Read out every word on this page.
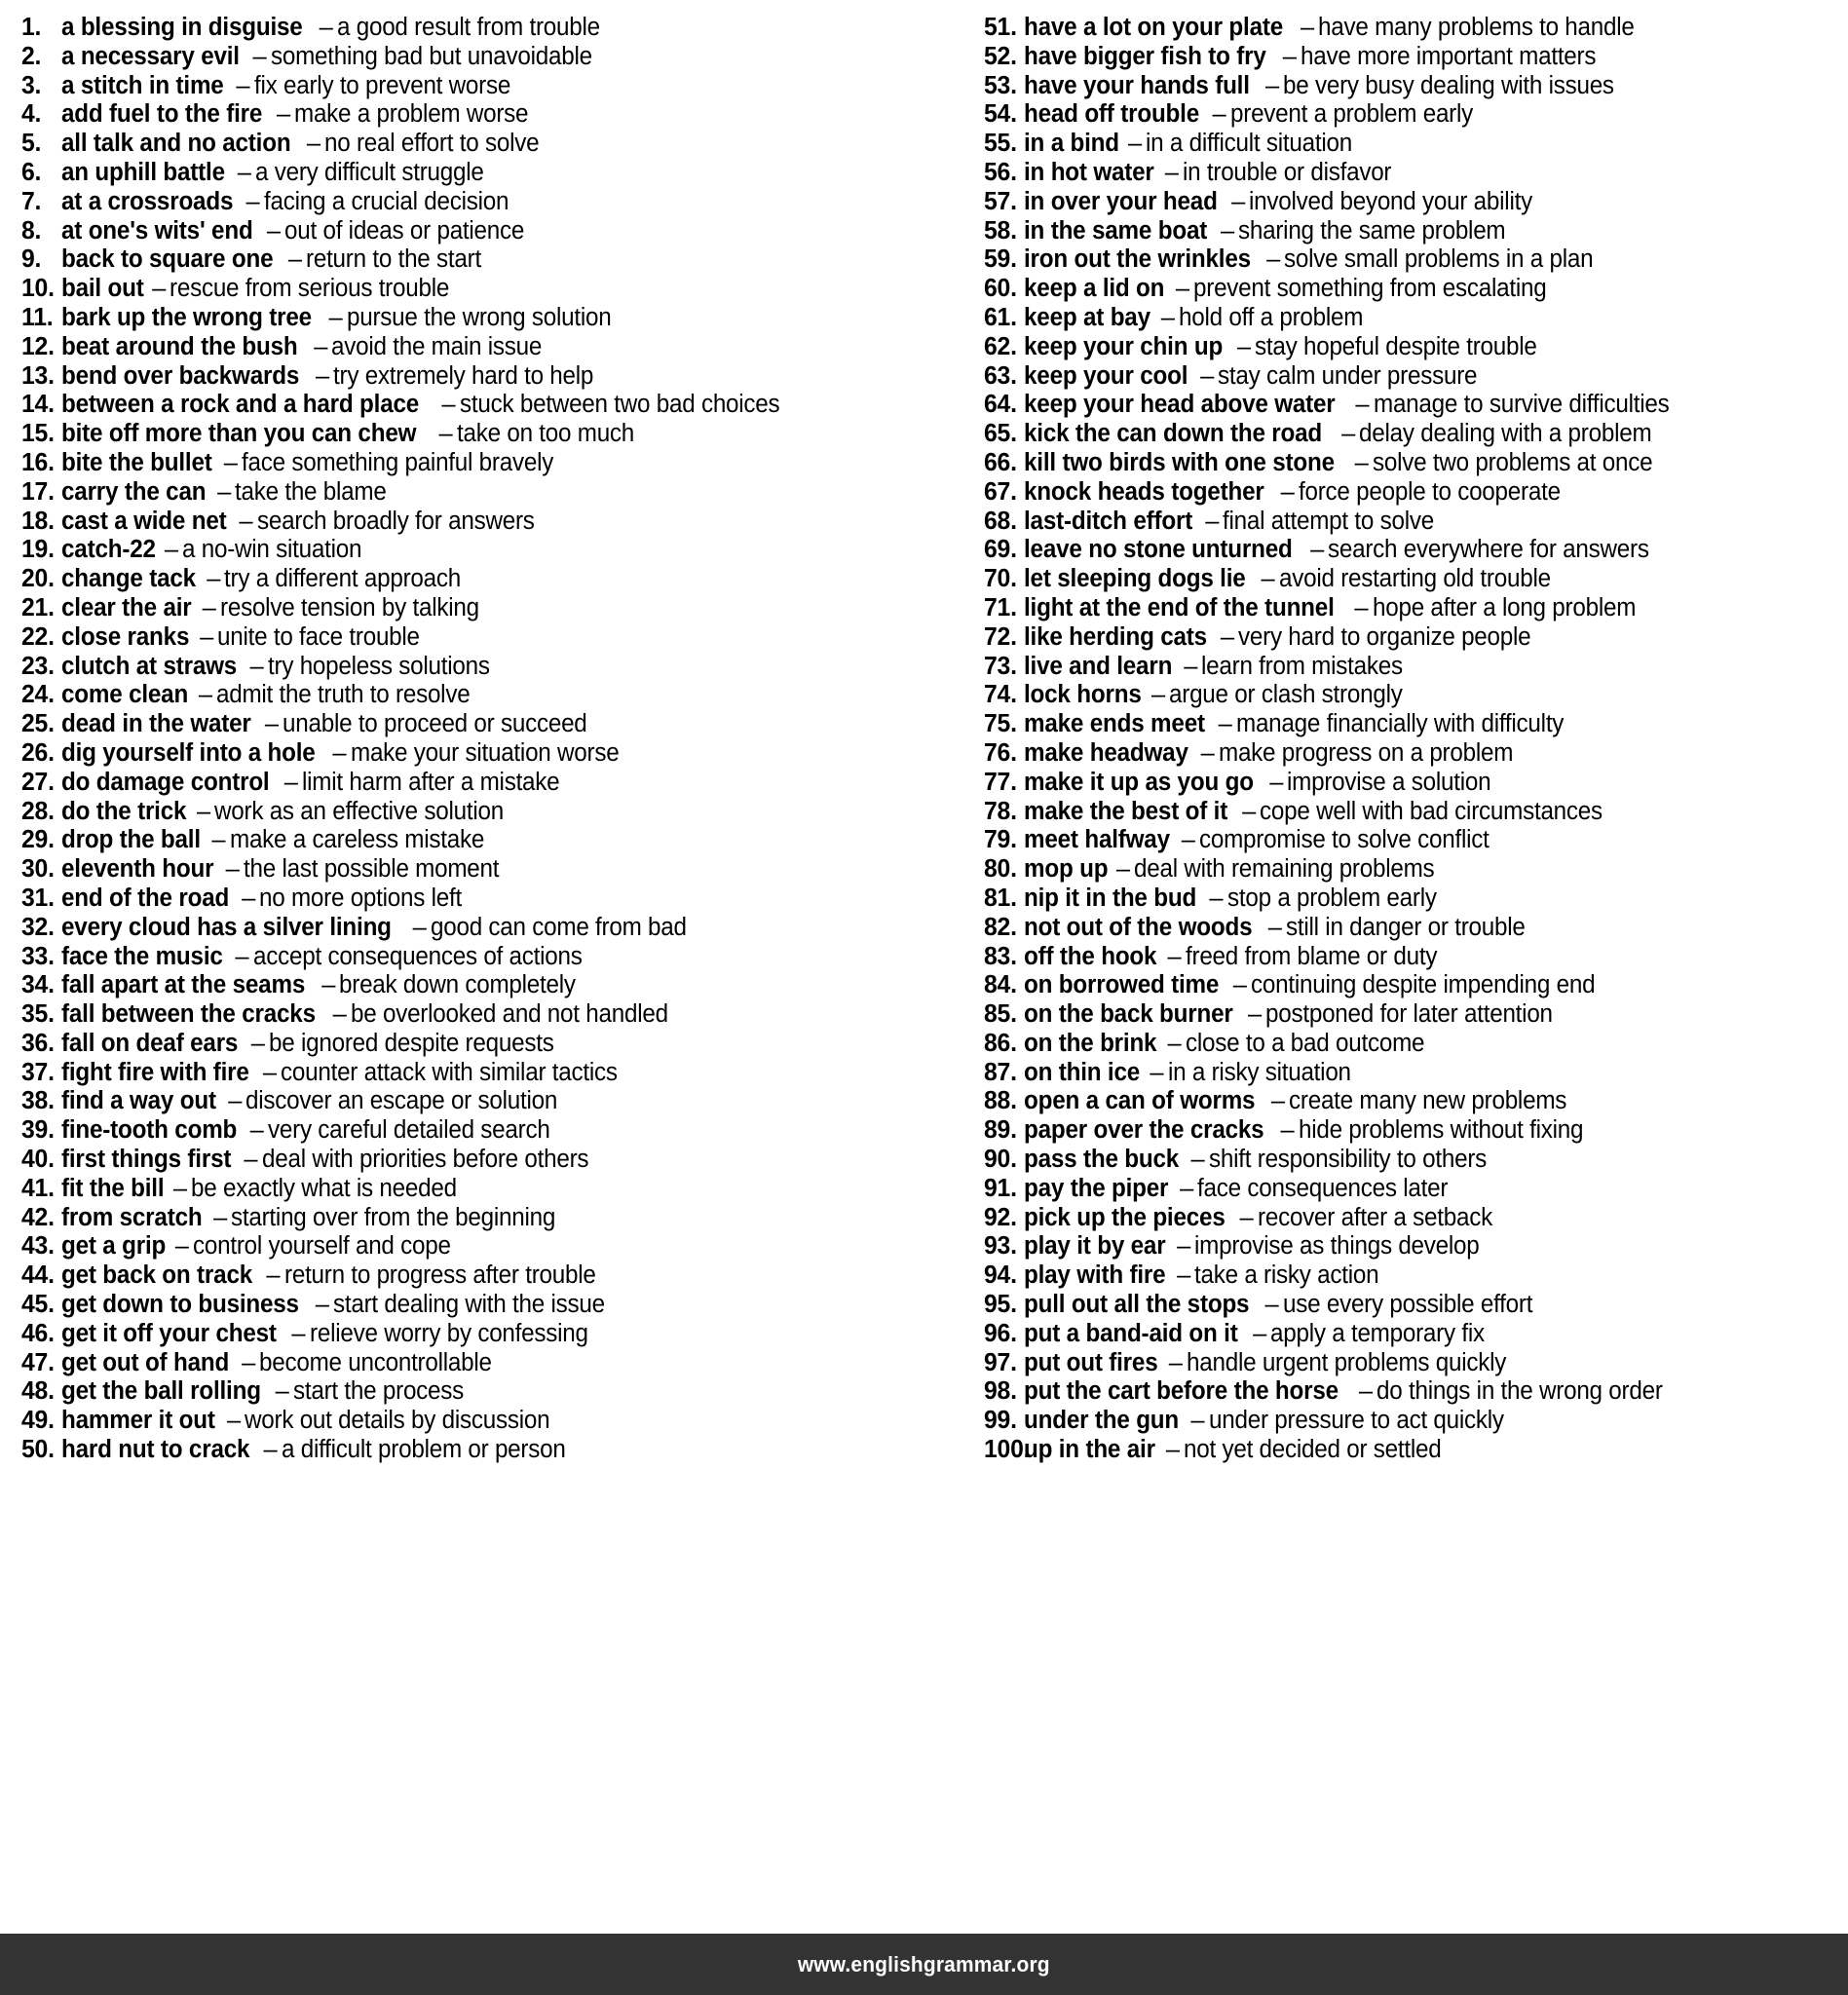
1. a blessing in disguise – a good result from trouble
2. a necessary evil – something bad but unavoidable
3. a stitch in time – fix early to prevent worse
4. add fuel to the fire – make a problem worse
5. all talk and no action – no real effort to solve
6. an uphill battle – a very difficult struggle
7. at a crossroads – facing a crucial decision
8. at one's wits' end – out of ideas or patience
9. back to square one – return to the start
10. bail out – rescue from serious trouble
11. bark up the wrong tree – pursue the wrong solution
12. beat around the bush – avoid the main issue
13. bend over backwards – try extremely hard to help
14. between a rock and a hard place – stuck between two bad choices
15. bite off more than you can chew – take on too much
16. bite the bullet – face something painful bravely
17. carry the can – take the blame
18. cast a wide net – search broadly for answers
19. catch-22 – a no-win situation
20. change tack – try a different approach
21. clear the air – resolve tension by talking
22. close ranks – unite to face trouble
23. clutch at straws – try hopeless solutions
24. come clean – admit the truth to resolve
25. dead in the water – unable to proceed or succeed
26. dig yourself into a hole – make your situation worse
27. do damage control – limit harm after a mistake
28. do the trick – work as an effective solution
29. drop the ball – make a careless mistake
30. eleventh hour – the last possible moment
31. end of the road – no more options left
32. every cloud has a silver lining – good can come from bad
33. face the music – accept consequences of actions
34. fall apart at the seams – break down completely
35. fall between the cracks – be overlooked and not handled
36. fall on deaf ears – be ignored despite requests
37. fight fire with fire – counter attack with similar tactics
38. find a way out – discover an escape or solution
39. fine-tooth comb – very careful detailed search
40. first things first – deal with priorities before others
41. fit the bill – be exactly what is needed
42. from scratch – starting over from the beginning
43. get a grip – control yourself and cope
44. get back on track – return to progress after trouble
45. get down to business – start dealing with the issue
46. get it off your chest – relieve worry by confessing
47. get out of hand – become uncontrollable
48. get the ball rolling – start the process
49. hammer it out – work out details by discussion
50. hard nut to crack – a difficult problem or person
51. have a lot on your plate – have many problems to handle
52. have bigger fish to fry – have more important matters
53. have your hands full – be very busy dealing with issues
54. head off trouble – prevent a problem early
55. in a bind – in a difficult situation
56. in hot water – in trouble or disfavor
57. in over your head – involved beyond your ability
58. in the same boat – sharing the same problem
59. iron out the wrinkles – solve small problems in a plan
60. keep a lid on – prevent something from escalating
61. keep at bay – hold off a problem
62. keep your chin up – stay hopeful despite trouble
63. keep your cool – stay calm under pressure
64. keep your head above water – manage to survive difficulties
65. kick the can down the road – delay dealing with a problem
66. kill two birds with one stone – solve two problems at once
67. knock heads together – force people to cooperate
68. last-ditch effort – final attempt to solve
69. leave no stone unturned – search everywhere for answers
70. let sleeping dogs lie – avoid restarting old trouble
71. light at the end of the tunnel – hope after a long problem
72. like herding cats – very hard to organize people
73. live and learn – learn from mistakes
74. lock horns – argue or clash strongly
75. make ends meet – manage financially with difficulty
76. make headway – make progress on a problem
77. make it up as you go – improvise a solution
78. make the best of it – cope well with bad circumstances
79. meet halfway – compromise to solve conflict
80. mop up – deal with remaining problems
81. nip it in the bud – stop a problem early
82. not out of the woods – still in danger or trouble
83. off the hook – freed from blame or duty
84. on borrowed time – continuing despite impending end
85. on the back burner – postponed for later attention
86. on the brink – close to a bad outcome
87. on thin ice – in a risky situation
88. open a can of worms – create many new problems
89. paper over the cracks – hide problems without fixing
90. pass the buck – shift responsibility to others
91. pay the piper – face consequences later
92. pick up the pieces – recover after a setback
93. play it by ear – improvise as things develop
94. play with fire – take a risky action
95. pull out all the stops – use every possible effort
96. put a band-aid on it – apply a temporary fix
97. put out fires – handle urgent problems quickly
98. put the cart before the horse – do things in the wrong order
99. under the gun – under pressure to act quickly
100.
up in the air – not yet decided or settled
www.englishgrammar.org
